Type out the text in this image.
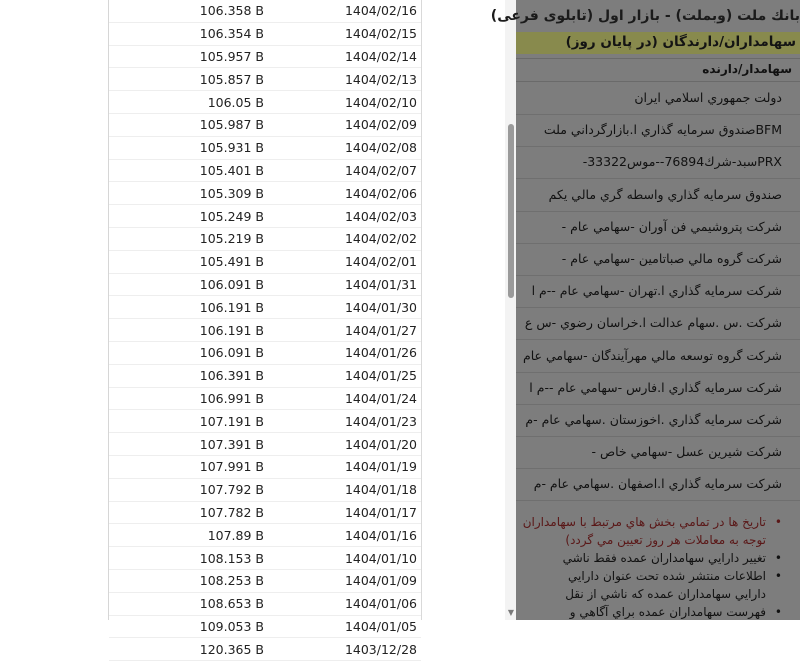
106.358 B	1404/02/16
106.354 B	1404/02/15
105.957 B	1404/02/14
105.857 B	1404/02/13
106.05 B	1404/02/10
105.987 B	1404/02/09
105.931 B	1404/02/08
105.401 B	1404/02/07
105.309 B	1404/02/06
105.249 B	1404/02/03
105.219 B	1404/02/02
105.491 B	1404/02/01
106.091 B	1404/01/31
106.191 B	1404/01/30
106.191 B	1404/01/27
106.091 B	1404/01/26
106.391 B	1404/01/25
106.991 B	1404/01/24
107.191 B	1404/01/23
107.391 B	1404/01/20
107.991 B	1404/01/19
107.792 B	1404/01/18
107.782 B	1404/01/17
107.89 B	1404/01/16
108.153 B	1404/01/10
108.253 B	1404/01/09
108.653 B	1404/01/06
109.053 B	1404/01/05
120.365 B	1403/12/28
▼
بانك ملت (وبملت) - بازار اول (تابلوی فرعی)
سهامداران/دارندگان (در پايان روز)
سهامدار/دارنده
دولت جمهوري اسلامي ايران
BFMصندوق سرمايه گذاري ا.بازارگرداني ملت
PRXسبد-شرك76894--موس33322-
صندوق سرمايه گذاري واسطه گري مالي يكم
شركت پتروشيمي فن آوران -سهامي عام -
شركت گروه مالي صباتامين -سهامي عام -
شركت سرمايه گذاري ا.تهران -سهامي عام --م ا
شركت .س .سهام عدالت ا.خراسان رضوي -س ع
شركت گروه توسعه مالي مهرآيندگان -سهامي عام
شركت سرمايه گذاري ا.فارس -سهامي عام --م ا
شركت سرمايه گذاري .اخوزستان .سهامي عام -م
شركت شيرين عسل -سهامي خاص -
شركت سرمايه گذاري ا.اصفهان .سهامي عام -م
•
تاريخ ها در تمامي بخش هاي مرتبط با سهامداران
توجه به معاملات هر روز تعيين مي گردد)
•
تغيير دارايي سهامداران عمده فقط ناشي
•
اطلاعات منتشر شده تحت عنوان دارايي
دارايي سهامداران عمده كه ناشي از نقل
•
فهرست سهامداران عمده براي آگاهي و
